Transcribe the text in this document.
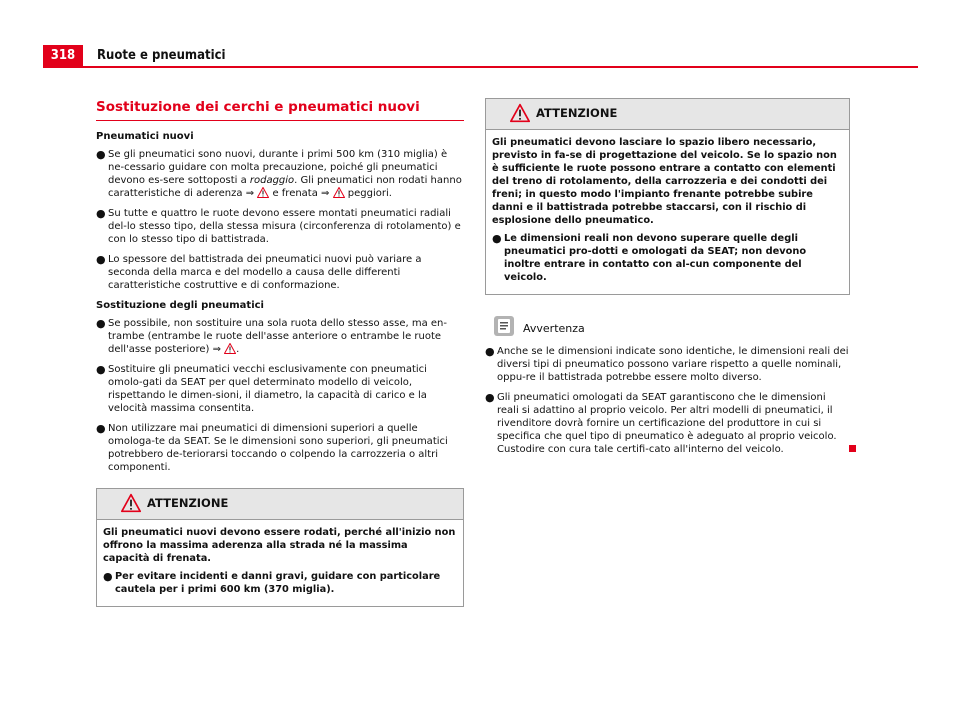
318	Ruote e pneumatici
Sostituzione dei cerchi e pneumatici nuovi
Pneumatici nuovi
● Se gli pneumatici sono nuovi, durante i primi 500 km (310 miglia) è ne-cessario guidare con molta precauzione, poiché gli pneumatici devono es-sere sottoposti a rodaggio. Gli pneumatici non rodati hanno caratteristiche di aderenza ⇒  e frenata ⇒  peggiori.
● Su tutte e quattro le ruote devono essere montati pneumatici radiali del-lo stesso tipo, della stessa misura (circonferenza di rotolamento) e con lo stesso tipo di battistrada.
● Lo spessore del battistrada dei pneumatici nuovi può variare a seconda della marca e del modello a causa delle differenti caratteristiche costruttive e di conformazione.
Sostituzione degli pneumatici
● Se possibile, non sostituire una sola ruota dello stesso asse, ma en-trambe (entrambe le ruote dell'asse anteriore o entrambe le ruote dell'asse posteriore) ⇒ .
● Sostituire gli pneumatici vecchi esclusivamente con pneumatici omolo-gati da SEAT per quel determinato modello di veicolo, rispettando le dimen-sioni, il diametro, la capacità di carico e la velocità massima consentita.
● Non utilizzare mai pneumatici di dimensioni superiori a quelle omologa-te da SEAT. Se le dimensioni sono superiori, gli pneumatici potrebbero de-teriorarsi toccando o colpendo la carrozzeria o altri componenti.
ATTENZIONE

Gli pneumatici nuovi devono essere rodati, perché all'inizio non offrono la massima aderenza alla strada né la massima capacità di frenata.

● Per evitare incidenti e danni gravi, guidare con particolare cautela per i primi 600 km (370 miglia).
ATTENZIONE

Gli pneumatici devono lasciare lo spazio libero necessario, previsto in fa-se di progettazione del veicolo. Se lo spazio non è sufficiente le ruote possono entrare a contatto con elementi del treno di rotolamento, della carrozzeria e dei condotti dei freni; in questo modo l'impianto frenante potrebbe subire danni e il battistrada potrebbe staccarsi, con il rischio di esplosione dello pneumatico.

● Le dimensioni reali non devono superare quelle degli pneumatici pro-dotti e omologati da SEAT; non devono inoltre entrare in contatto con al-cun componente del veicolo.
Avvertenza
● Anche se le dimensioni indicate sono identiche, le dimensioni reali dei diversi tipi di pneumatico possono variare rispetto a quelle nominali, oppu-re il battistrada potrebbe essere molto diverso.
● Gli pneumatici omologati da SEAT garantiscono che le dimensioni reali si adattino al proprio veicolo. Per altri modelli di pneumatici, il rivenditore dovrà fornire un certificazione del produttore in cui si specifica che quel tipo di pneumatico è adeguato al proprio veicolo. Custodire con cura tale certifi-cato all'interno del veicolo.
